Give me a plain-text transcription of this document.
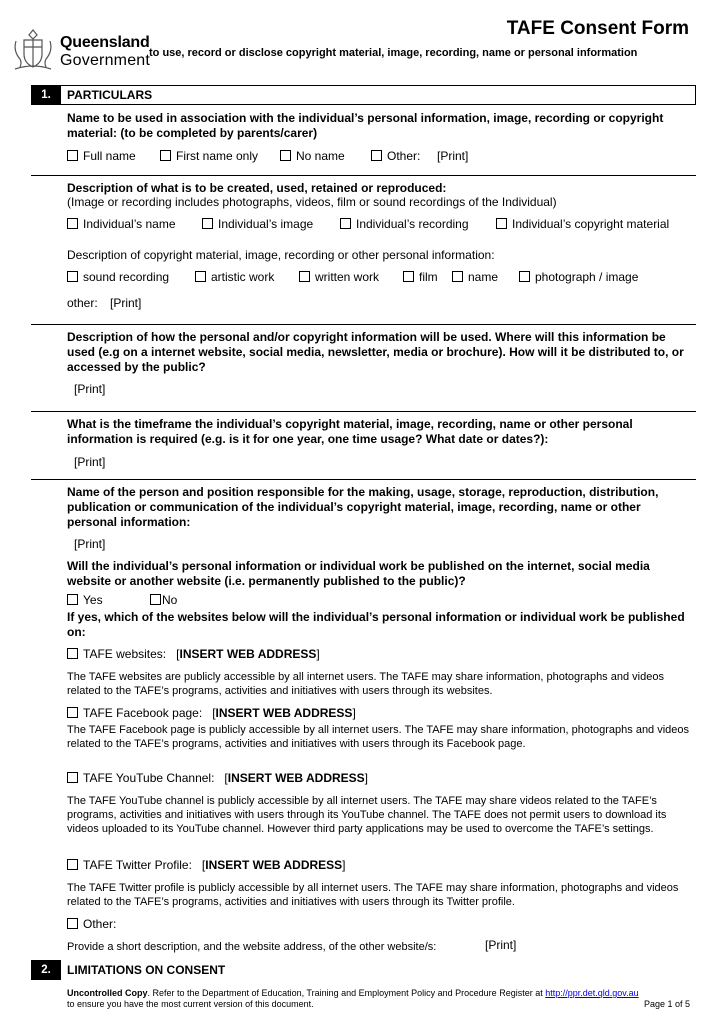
Queensland
Government
TAFE Consent Form
to use, record or disclose copyright material, image, recording, name or personal information
1.	PARTICULARS
Name to be used in association with the individual’s personal information, image, recording or copyright material: (to be completed by parents/carer)
Full name	First name only	No name	Other: [Print]
Description of what is to be created, used, retained or reproduced:
(Image or recording includes photographs, videos, film or sound recordings of the Individual)
Individual’s name	Individual’s image	Individual’s recording	Individual’s copyright material
Description of copyright material, image, recording or other personal information:
sound recording	artistic work	written work	film	name	photograph / image
other: [Print]
Description of how the personal and/or copyright information will be used. Where will this information be used (e.g on a internet website, social media, newsletter, media or brochure). How will it be distributed to, or accessed by the public?
[Print]
What is the timeframe the individual’s copyright material, image, recording, name or other personal information is required (e.g. is it for one year, one time usage? What date or dates?):
[Print]
Name of the person and position responsible for the making, usage, storage, reproduction, distribution, publication or communication of the individual’s copyright material, image, recording, name or other personal information:
[Print]
Will the individual’s personal information or individual work be published on the internet, social media website or another website (i.e. permanently published to the public)?
Yes	No
If yes, which of the websites below will the individual’s personal information or individual work be published on:
TAFE websites:   [INSERT WEB ADDRESS]
The TAFE websites are publicly accessible by all internet users. The TAFE may share information, photographs and videos related to the TAFE’s programs, activities and initiatives with users through its websites.
TAFE Facebook page:   [INSERT WEB ADDRESS]
The TAFE Facebook page is publicly accessible by all internet users. The TAFE may share information, photographs and videos related to the TAFE’s programs, activities and initiatives with users through its Facebook page.
TAFE YouTube Channel:   [INSERT WEB ADDRESS]
The TAFE YouTube channel is publicly accessible by all internet users. The TAFE may share videos related to the TAFE’s programs, activities and initiatives with users through its YouTube channel. The TAFE does not permit users to download its videos uploaded to its YouTube channel. However third party applications may be used to overcome the TAFE’s settings.
TAFE Twitter Profile:   [INSERT WEB ADDRESS]
The TAFE Twitter profile is publicly accessible by all internet users. The TAFE may share information, photographs and videos related to the TAFE’s programs, activities and initiatives with users through its Twitter profile.
Other:
Provide a short description, and the website address, of the other website/s:	[Print]
2.	LIMITATIONS ON CONSENT
Uncontrolled Copy. Refer to the Department of Education, Training and Employment Policy and Procedure Register at http://ppr.det.qld.gov.au
to ensure you have the most current version of this document.	Page 1 of 5
